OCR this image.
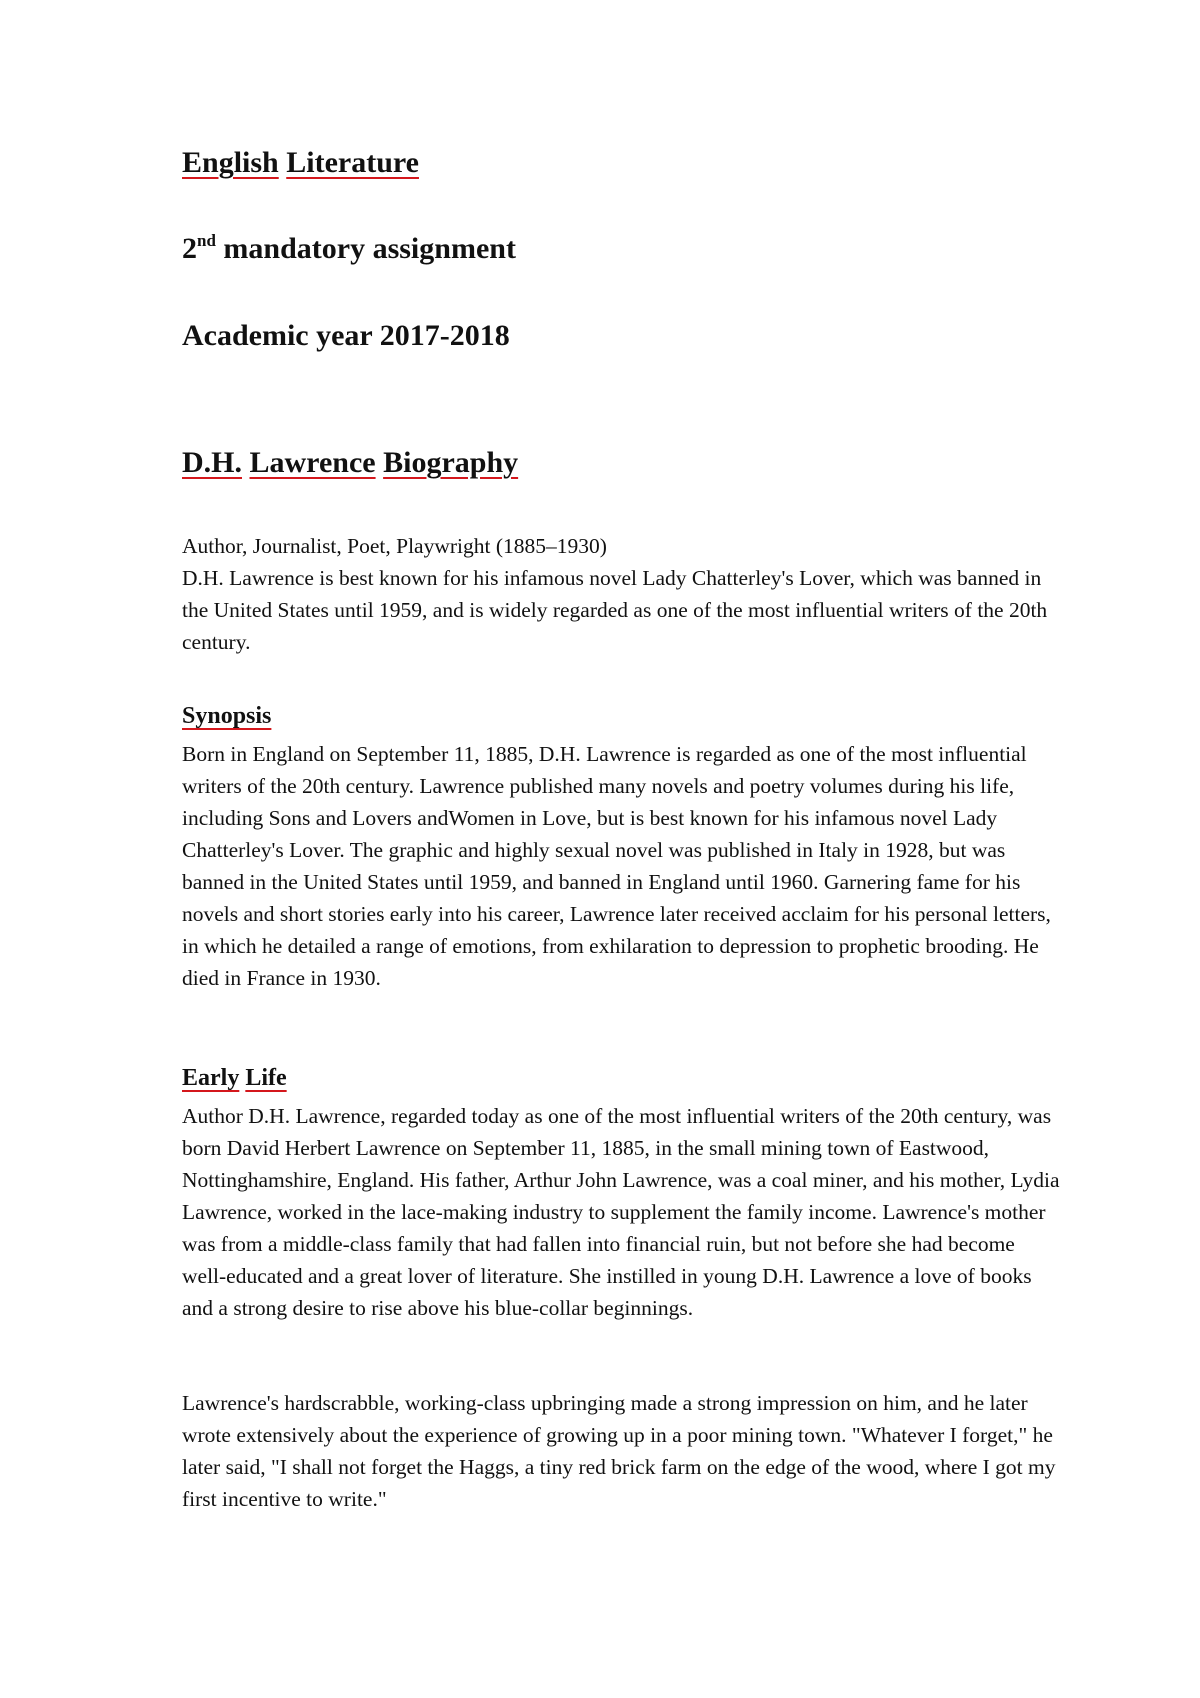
English Literature
2nd mandatory assignment
Academic year 2017-2018
D.H. Lawrence Biography

Author, Journalist, Poet, Playwright (1885–1930)

D.H. Lawrence is best known for his infamous novel Lady Chatterley's Lover, which was banned in the United States until 1959, and is widely regarded as one of the most influential writers of the 20th century.

Synopsis

Born in England on September 11, 1885, D.H. Lawrence is regarded as one of the most influential writers of the 20th century. Lawrence published many novels and poetry volumes during his life, including Sons and Lovers andWomen in Love, but is best known for his infamous novel Lady Chatterley's Lover. The graphic and highly sexual novel was published in Italy in 1928, but was banned in the United States until 1959, and banned in England until 1960. Garnering fame for his novels and short stories early into his career, Lawrence later received acclaim for his personal letters, in which he detailed a range of emotions, from exhilaration to depression to prophetic brooding. He died in France in 1930.

Early Life

Author D.H. Lawrence, regarded today as one of the most influential writers of the 20th century, was born David Herbert Lawrence on September 11, 1885, in the small mining town of Eastwood, Nottinghamshire, England. His father, Arthur John Lawrence, was a coal miner, and his mother, Lydia Lawrence, worked in the lace-making industry to supplement the family income. Lawrence's mother was from a middle-class family that had fallen into financial ruin, but not before she had become well-educated and a great lover of literature. She instilled in young D.H. Lawrence a love of books and a strong desire to rise above his blue-collar beginnings.

Lawrence's hardscrabble, working-class upbringing made a strong impression on him, and he later wrote extensively about the experience of growing up in a poor mining town. "Whatever I forget," he later said, "I shall not forget the Haggs, a tiny red brick farm on the edge of the wood, where I got my first incentive to write."
